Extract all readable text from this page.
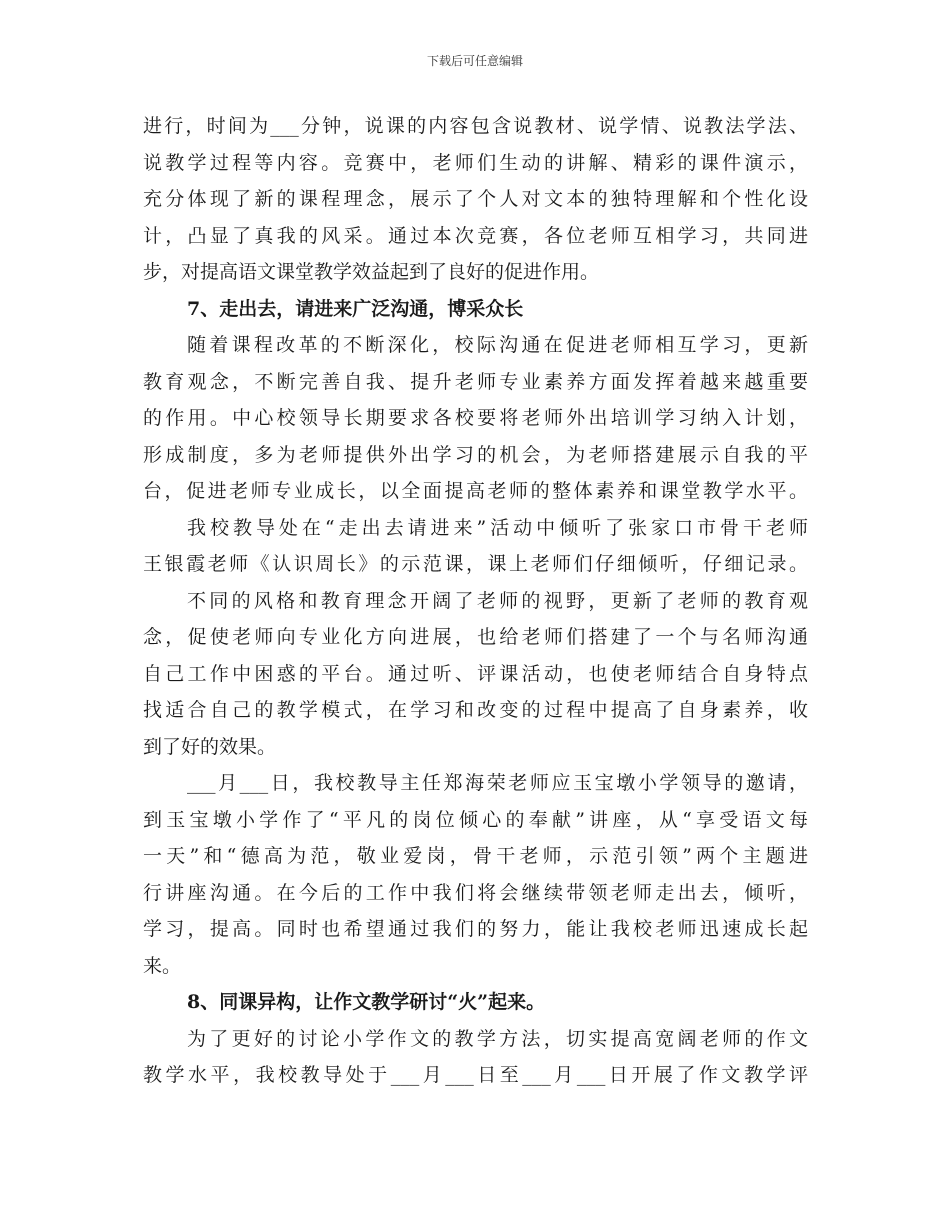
下载后可任意编辑
进行，时间为___分钟，说课的内容包含说教材、说学情、说教法学法、
说教学过程等内容。竞赛中，老师们生动的讲解、精彩的课件演示，
充分体现了新的课程理念，展示了个人对文本的独特理解和个性化设
计，凸显了真我的风采。通过本次竞赛，各位老师互相学习，共同进
步，对提高语文课堂教学效益起到了良好的促进作用。
7、走出去，请进来广泛沟通，博采众长
随着课程改革的不断深化，校际沟通在促进老师相互学习，更新
教育观念，不断完善自我、提升老师专业素养方面发挥着越来越重要
的作用。中心校领导长期要求各校要将老师外出培训学习纳入计划，
形成制度，多为老师提供外出学习的机会，为老师搭建展示自我的平
台，促进老师专业成长，以全面提高老师的整体素养和课堂教学水平。
我校教导处在“走出去请进来”活动中倾听了张家口市骨干老师
王银霞老师《认识周长》的示范课，课上老师们仔细倾听，仔细记录。
不同的风格和教育理念开阔了老师的视野，更新了老师的教育观
念，促使老师向专业化方向进展，也给老师们搭建了一个与名师沟通
自己工作中困惑的平台。通过听、评课活动，也使老师结合自身特点
找适合自己的教学模式，在学习和改变的过程中提高了自身素养，收
到了好的效果。
___月___日，我校教导主任郑海荣老师应玉宝墩小学领导的邀请，
到玉宝墩小学作了“平凡的岗位倾心的奉献”讲座，从“享受语文每
一天”和“德高为范，敬业爱岗，骨干老师，示范引领”两个主题进
行讲座沟通。在今后的工作中我们将会继续带领老师走出去，倾听，
学习，提高。同时也希望通过我们的努力，能让我校老师迅速成长起
来。
8、同课异构，让作文教学研讨“火”起来。
为了更好的讨论小学作文的教学方法，切实提高宽阔老师的作文
教学水平，我校教导处于___月___日至___月___日开展了作文教学评
